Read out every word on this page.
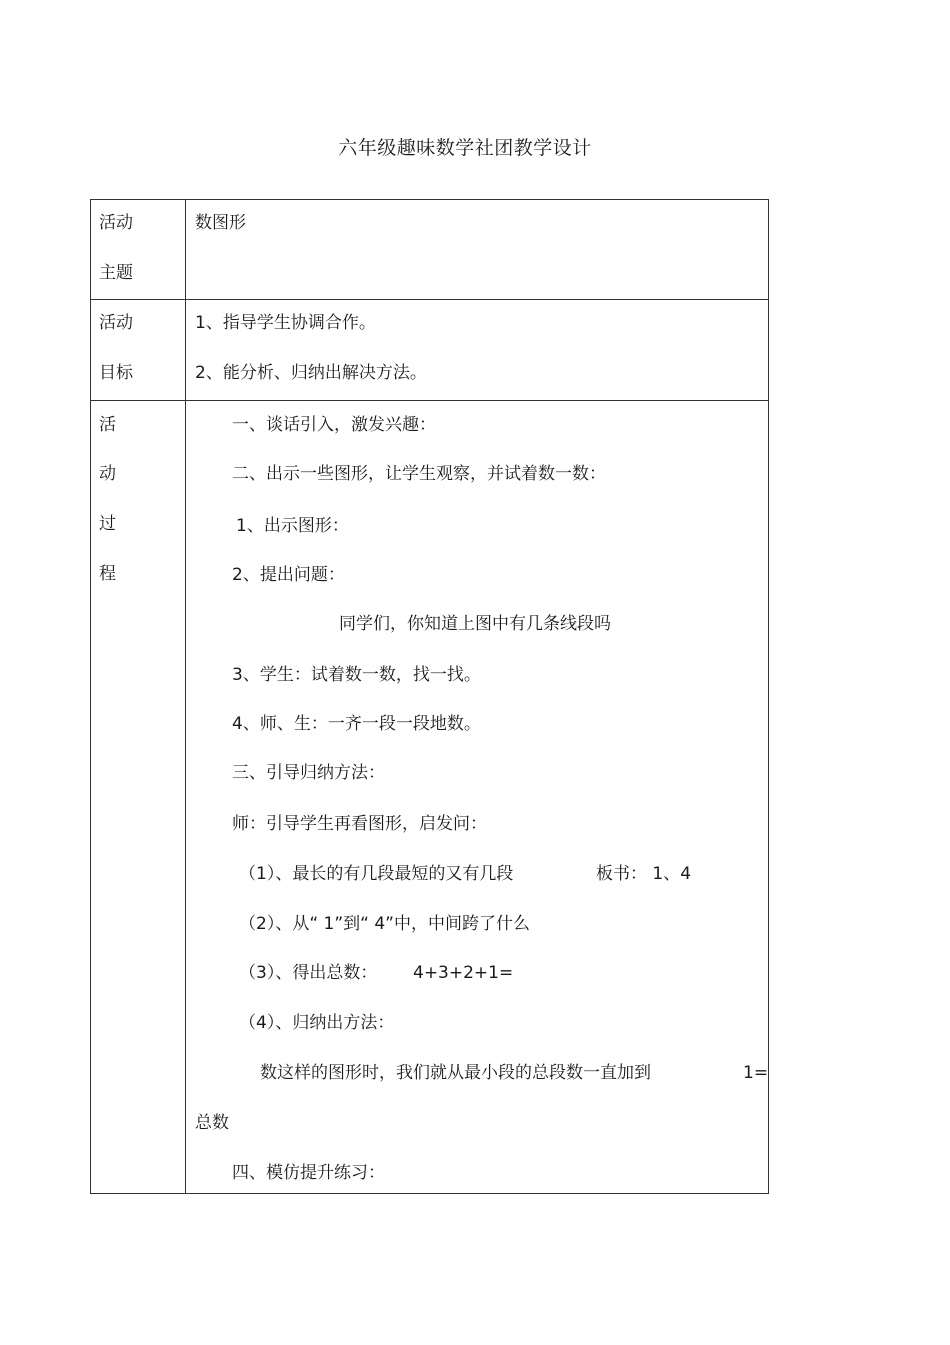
六年级趣味数学社团教学设计
活动
主题
数图形
活动
目标
1、指导学生协调合作。
2、能分析、归纳出解决方法。
活
动
过
程
一、谈话引入，激发兴趣：
二、出示一些图形，让学生观察，并试着数一数：
1、出示图形：
2、提出问题：
同学们，你知道上图中有几条线段吗
3、学生：试着数一数，找一找。
4、师、生：一齐一段一段地数。
三、引导归纳方法：
师：引导学生再看图形，启发问：
（1）、最长的有几段最短的又有几段	板书： 1、4
（2）、从“ 1”到“ 4”中，中间跨了什么
（3）、得出总数： 4+3+2+1=
（4）、归纳出方法：
数这样的图形时，我们就从最小段的总段数一直加到	1=
总数
四、模仿提升练习：
